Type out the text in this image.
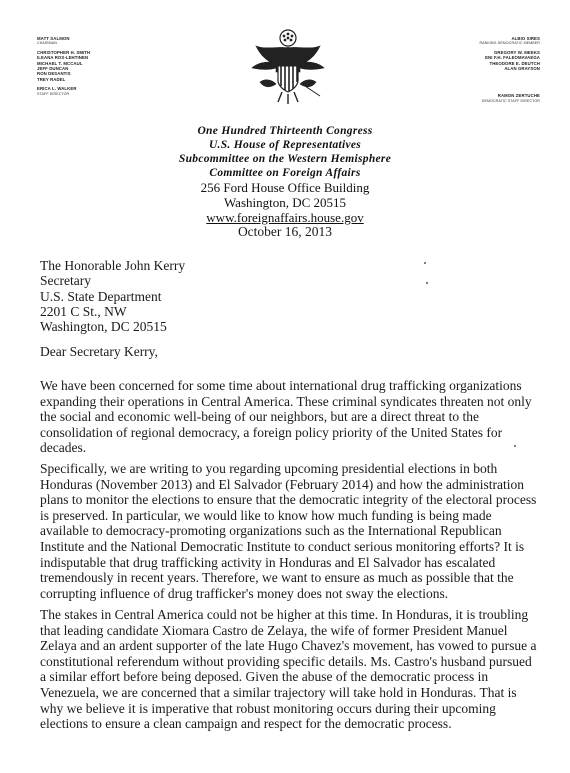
MATT SALMON
CHAIRMAN
CHRISTOPHER H. SMITH
ILEANA ROS-LEHTINEN
MICHAEL T. MCCAUL
JEFF DUNCAN
RON DESANTIS
TREY RADEL
ERICA L. WALKER
STAFF DIRECTOR
ALBIO SIRES
RANKING DEMOCRATIC MEMBER
GREGORY W. MEEKS
ENI F.H. FALEOMAVAEGA
THEODORE E. DEUTCH
ALAN GRAYSON
RAMON ZERTUCHE
DEMOCRATIC STAFF DIRECTOR
One Hundred Thirteenth Congress
U.S. House of Representatives
Subcommittee on the Western Hemisphere
Committee on Foreign Affairs
256 Ford House Office Building
Washington, DC 20515
www.foreignaffairs.house.gov
October 16, 2013
The Honorable John Kerry
Secretary
U.S. State Department
2201 C St., NW
Washington, DC 20515
Dear Secretary Kerry,

We have been concerned for some time about international drug trafficking organizations expanding their operations in Central America. These criminal syndicates threaten not only the social and economic well-being of our neighbors, but are a direct threat to the consolidation of regional democracy, a foreign policy priority of the United States for decades.

Specifically, we are writing to you regarding upcoming presidential elections in both Honduras (November 2013) and El Salvador (February 2014) and how the administration plans to monitor the elections to ensure that the democratic integrity of the electoral process is preserved. In particular, we would like to know how much funding is being made available to democracy-promoting organizations such as the International Republican Institute and the National Democratic Institute to conduct serious monitoring efforts? It is indisputable that drug trafficking activity in Honduras and El Salvador has escalated tremendously in recent years. Therefore, we want to ensure as much as possible that the corrupting influence of drug trafficker's money does not sway the elections.

The stakes in Central America could not be higher at this time. In Honduras, it is troubling that leading candidate Xiomara Castro de Zelaya, the wife of former President Manuel Zelaya and an ardent supporter of the late Hugo Chavez's movement, has vowed to pursue a constitutional referendum without providing specific details. Ms. Castro's husband pursued a similar effort before being deposed. Given the abuse of the democratic process in Venezuela, we are concerned that a similar trajectory will take hold in Honduras. That is why we believe it is imperative that robust monitoring occurs during their upcoming elections to ensure a clean campaign and respect for the democratic process.
